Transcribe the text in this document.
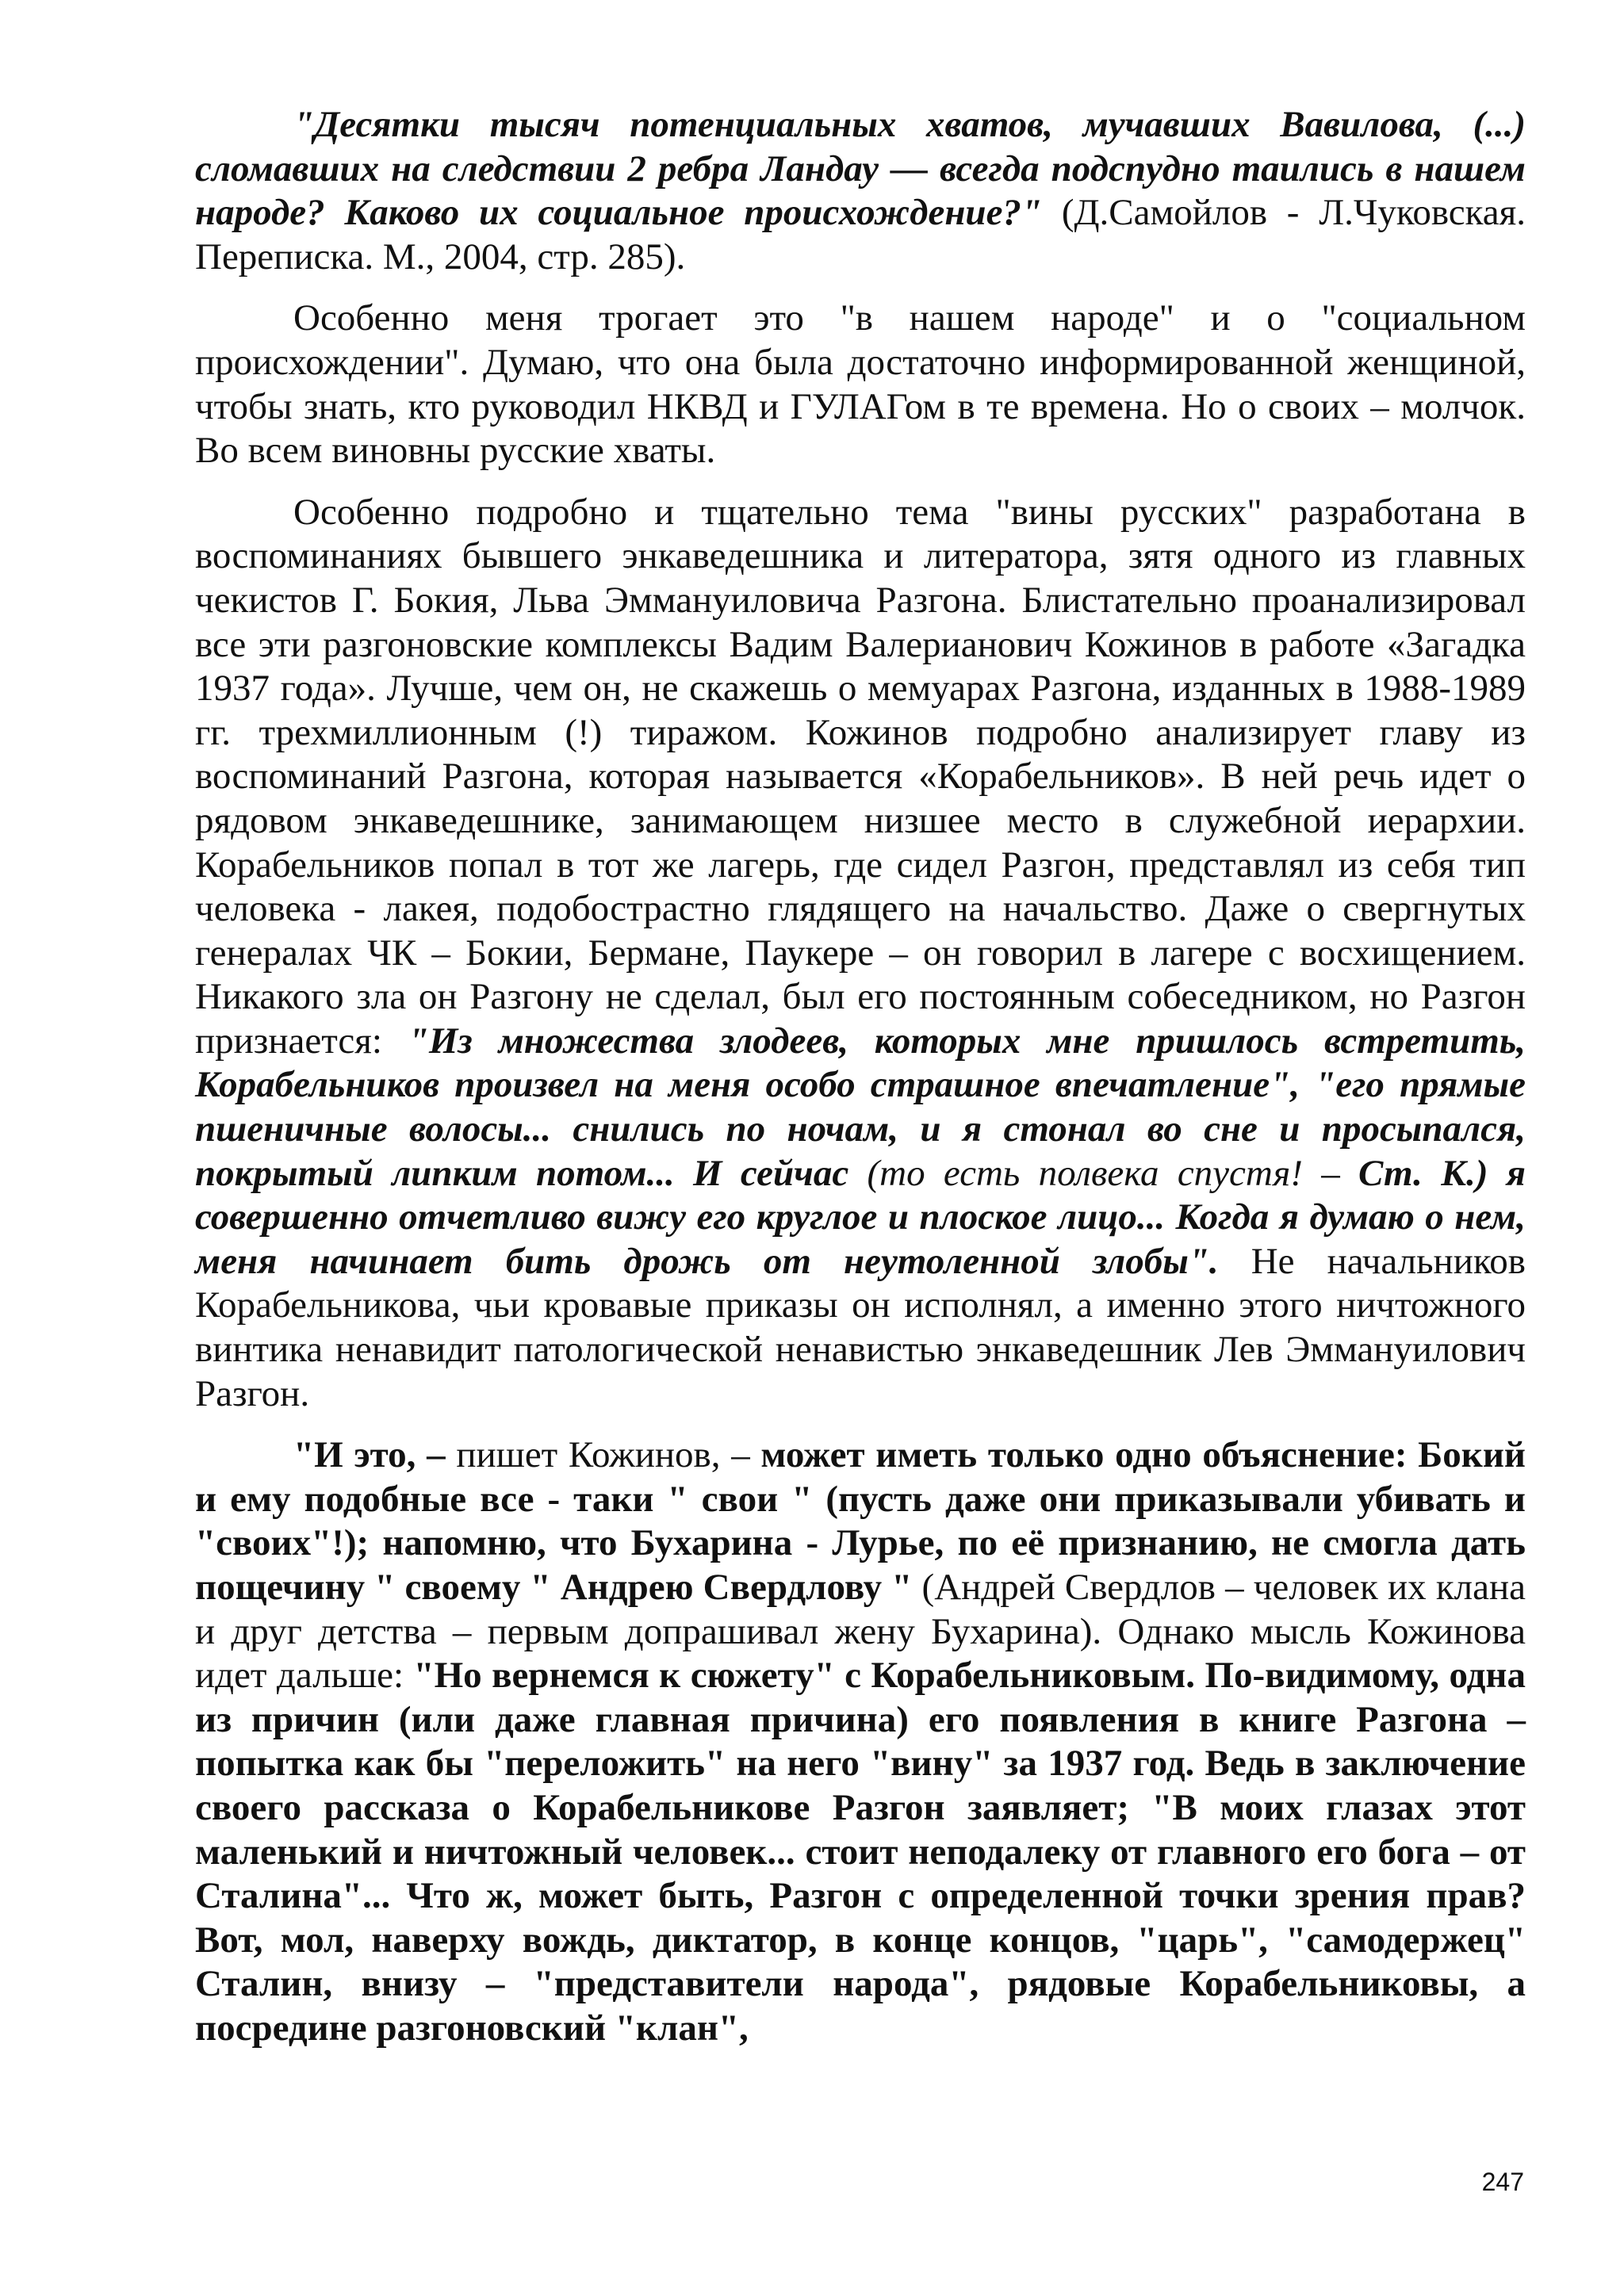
"Десятки тысяч потенциальных хватов, мучавших Вавилова, (...) сломавших на следствии 2 ребра Ландау — всегда подспудно таились в нашем народе? Каково их социальное происхождение?" (Д.Самойлов - Л.Чуковская. Переписка. М., 2004, стр. 285).

Особенно меня трогает это "в нашем народе" и о "социальном происхождении". Думаю, что она была достаточно информированной женщиной, чтобы знать, кто руководил НКВД и ГУЛАГом в те времена. Но о своих – молчок. Во всем виновны русские хваты.

Особенно подробно и тщательно тема "вины русских" разработана в воспоминаниях бывшего энкаведешника и литератора, зятя одного из главных чекистов Г. Бокия, Льва Эммануиловича Разгона. Блистательно проанализировал все эти разгоновские комплексы Вадим Валерианович Кожинов в работе «Загадка 1937 года». Лучше, чем он, не скажешь о мемуарах Разгона, изданных в 1988-1989 гг. трехмиллионным (!) тиражом. Кожинов подробно анализирует главу из воспоминаний Разгона, которая называется «Корабельников». В ней речь идет о рядовом энкаведешнике, занимающем низшее место в служебной иерархии. Корабельников попал в тот же лагерь, где сидел Разгон, представлял из себя тип человека - лакея, подобострастно глядящего на начальство. Даже о свергнутых генералах ЧК – Бокии, Бермане, Паукере – он говорил в лагере с восхищением. Никакого зла он Разгону не сделал, был его постоянным собеседником, но Разгон признается: "Из множества злодеев, которых мне пришлось встретить, Корабельников произвел на меня особо страшное впечатление", "его прямые пшеничные волосы... снились по ночам, и я стонал во сне и просыпался, покрытый липким потом... И сейчас (то есть полвека спустя! – Ст. К.) я совершенно отчетливо вижу его круглое и плоское лицо... Когда я думаю о нем, меня начинает бить дрожь от неутоленной злобы". Не начальников Корабельникова, чьи кровавые приказы он исполнял, а именно этого ничтожного винтика ненавидит патологической ненавистью энкаведешник Лев Эммануилович Разгон.

"И это, – пишет Кожинов, – может иметь только одно объяснение: Бокий и ему подобные все - таки " свои " (пусть даже они приказывали убивать и "своих"!); напомню, что Бухарина - Лурье, по её признанию, не смогла дать пощечину " своему " Андрею Свердлову " (Андрей Свердлов – человек их клана и друг детства – первым допрашивал жену Бухарина). Однако мысль Кожинова идет дальше: "Но вернемся к сюжету" с Корабельниковым. По-видимому, одна из причин (или даже главная причина) его появления в книге Разгона – попытка как бы "переложить" на него "вину" за 1937 год. Ведь в заключение своего рассказа о Корабельникове Разгон заявляет; "В моих глазах этот маленький и ничтожный человек... стоит неподалеку от главного его бога – от Сталина"... Что ж, может быть, Разгон с определенной точки зрения прав? Вот, мол, наверху вождь, диктатор, в конце концов, "царь", "самодержец" Сталин, внизу – "представители народа", рядовые Корабельниковы, а посредине разгоновский "клан",

247
